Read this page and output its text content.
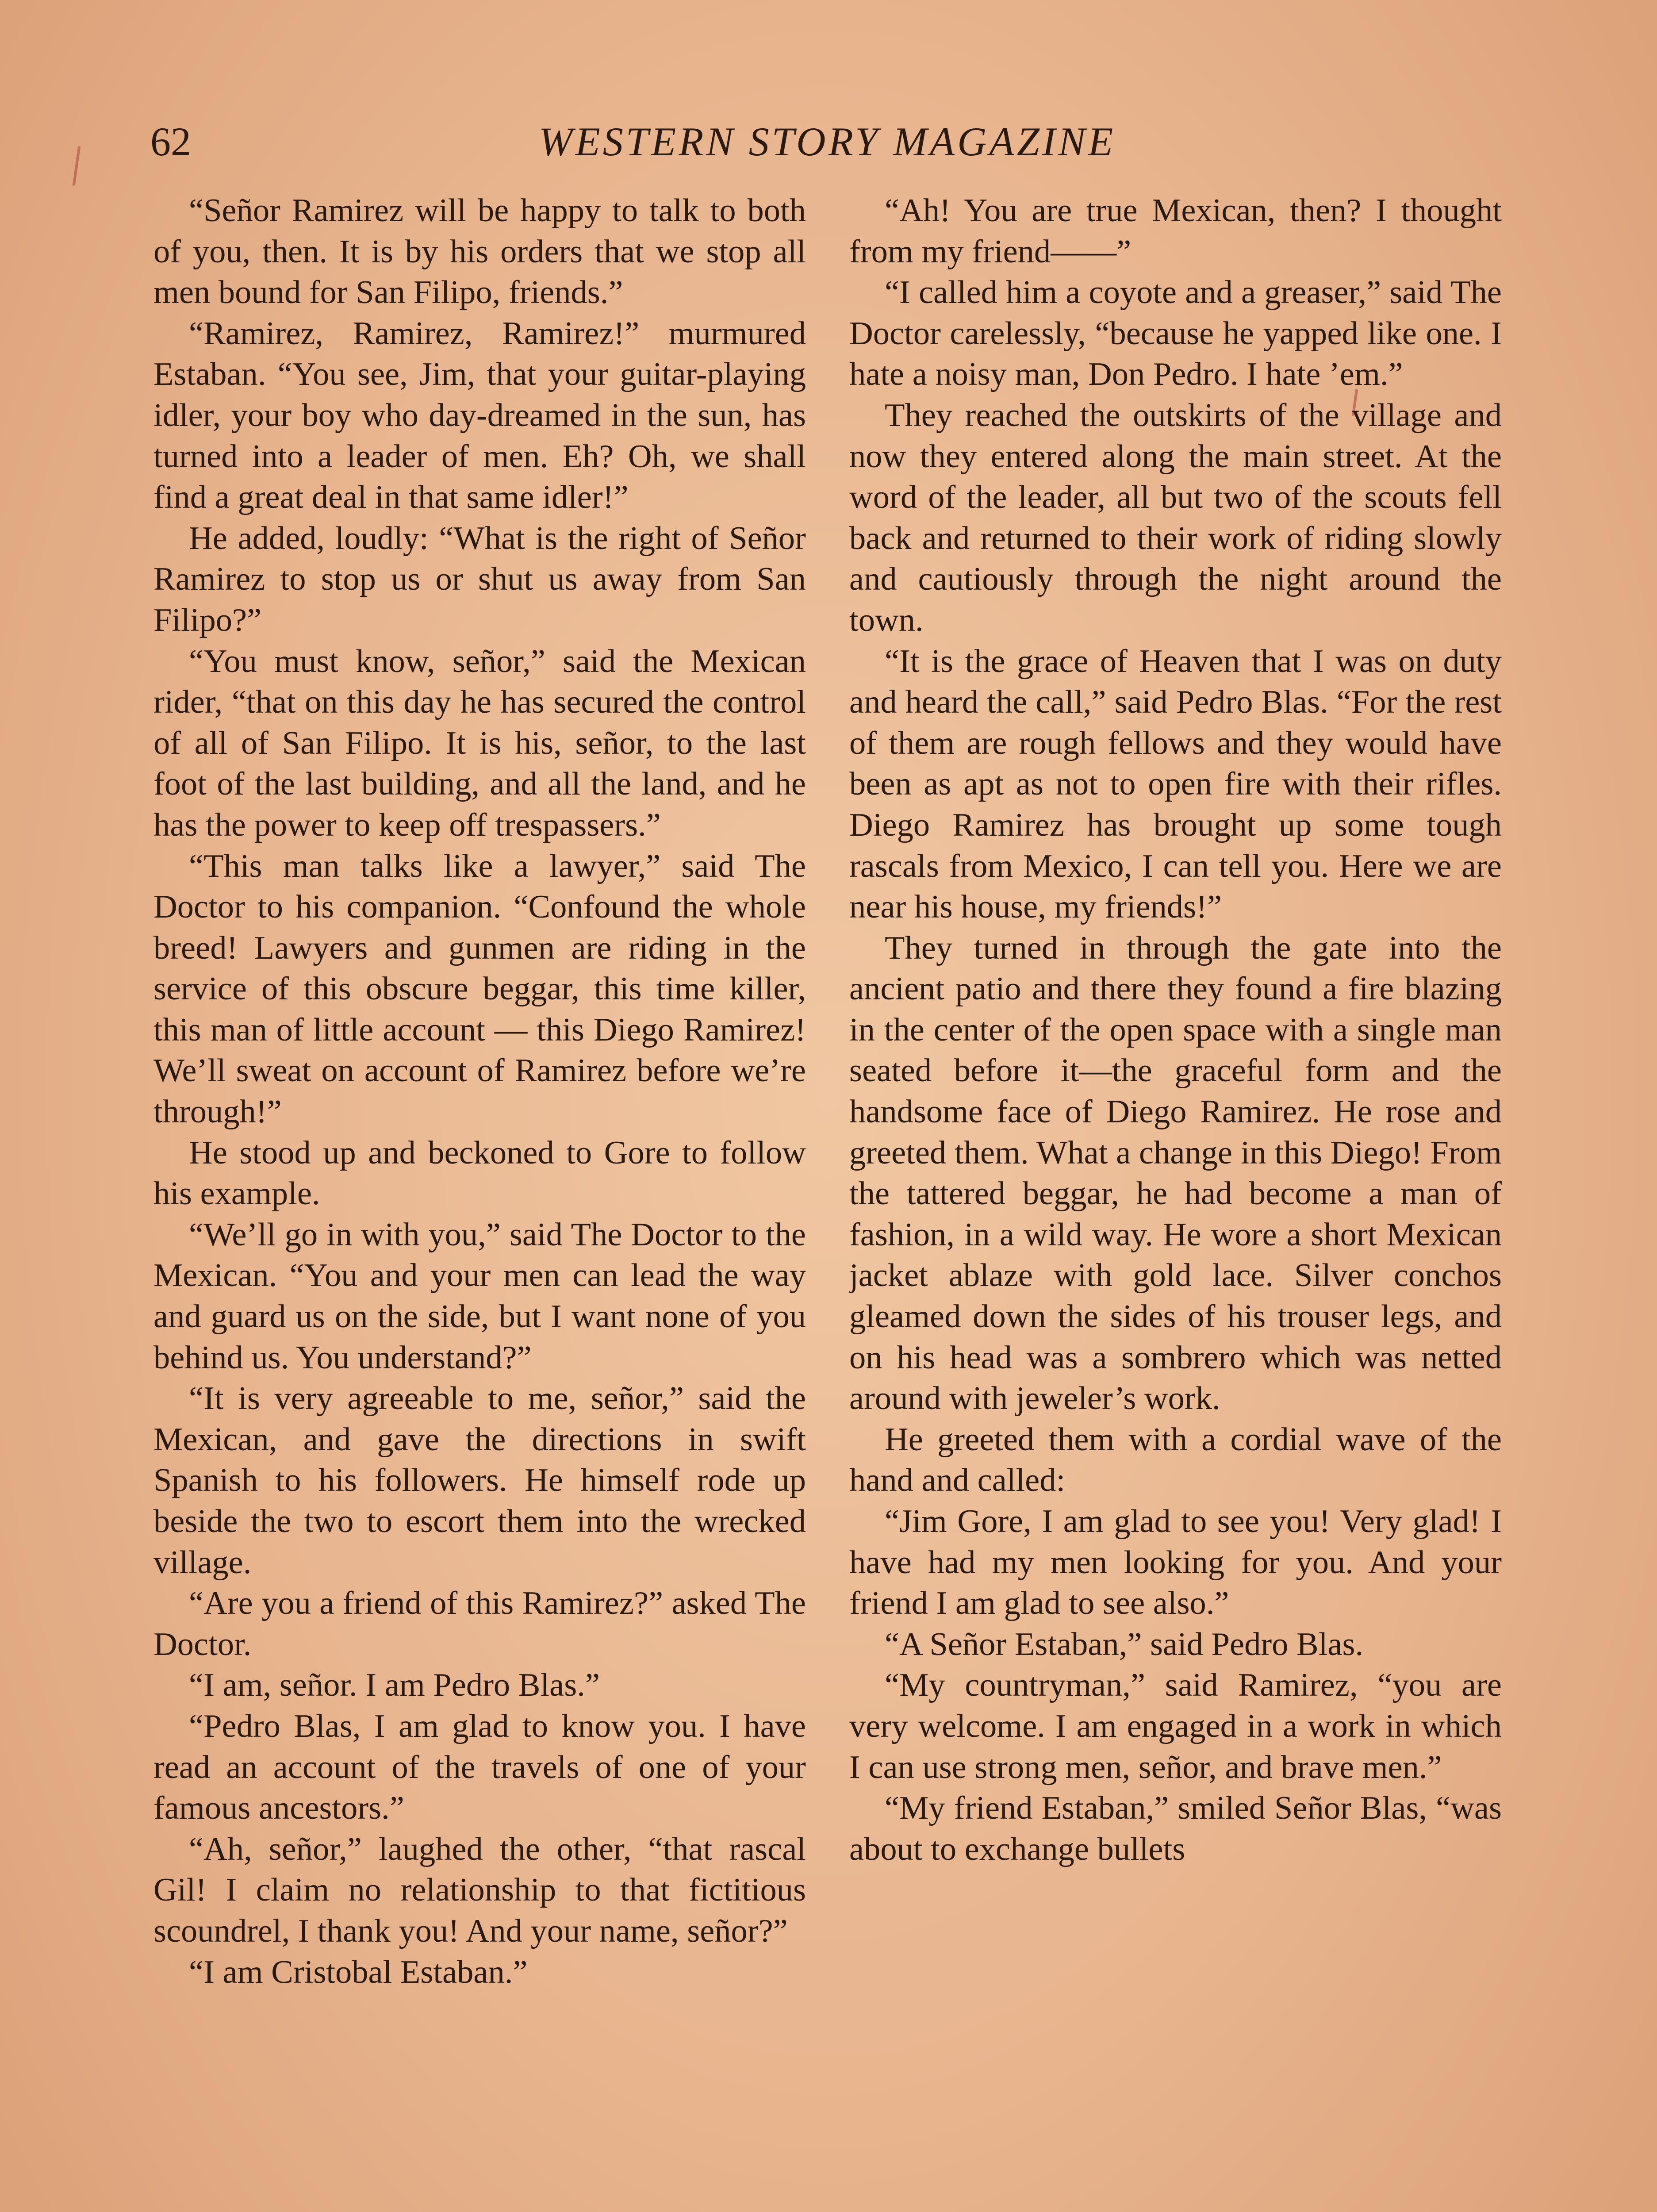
62	WESTERN STORY MAGAZINE

“Señor Ramirez will be happy to talk to both of you, then. It is by his orders that we stop all men bound for San Filipo, friends.”

“Ramirez, Ramirez, Ramirez!” murmured Estaban. “You see, Jim, that your guitar-playing idler, your boy who day-dreamed in the sun, has turned into a leader of men. Eh? Oh, we shall find a great deal in that same idler!”

He added, loudly: “What is the right of Señor Ramirez to stop us or shut us away from San Filipo?”

“You must know, señor,” said the Mexican rider, “that on this day he has secured the control of all of San Filipo. It is his, señor, to the last foot of the last building, and all the land, and he has the power to keep off trespassers.”

“This man talks like a lawyer,” said The Doctor to his companion. “Confound the whole breed! Lawyers and gunmen are riding in the service of this obscure beggar, this time killer, this man of little account — this Diego Ramirez! We’ll sweat on account of Ramirez before we’re through!”

He stood up and beckoned to Gore to follow his example.

“We’ll go in with you,” said The Doctor to the Mexican. “You and your men can lead the way and guard us on the side, but I want none of you behind us. You understand?”

“It is very agreeable to me, señor,” said the Mexican, and gave the directions in swift Spanish to his followers. He himself rode up beside the two to escort them into the wrecked village.

“Are you a friend of this Ramirez?” asked The Doctor.

“I am, señor. I am Pedro Blas.”

“Pedro Blas, I am glad to know you. I have read an account of the travels of one of your famous ancestors.”

“Ah, señor,” laughed the other, “that rascal Gil! I claim no relationship to that fictitious scoundrel, I thank you! And your name, señor?”

“I am Cristobal Estaban.”

“Ah! You are true Mexican, then? I thought from my friend——”

“I called him a coyote and a greaser,” said The Doctor carelessly, “because he yapped like one. I hate a noisy man, Don Pedro. I hate ’em.”

They reached the outskirts of the village and now they entered along the main street. At the word of the leader, all but two of the scouts fell back and returned to their work of riding slowly and cautiously through the night around the town.

“It is the grace of Heaven that I was on duty and heard the call,” said Pedro Blas. “For the rest of them are rough fellows and they would have been as apt as not to open fire with their rifles. Diego Ramirez has brought up some tough rascals from Mexico, I can tell you. Here we are near his house, my friends!”

They turned in through the gate into the ancient patio and there they found a fire blazing in the center of the open space with a single man seated before it—the graceful form and the handsome face of Diego Ramirez. He rose and greeted them. What a change in this Diego! From the tattered beggar, he had become a man of fashion, in a wild way. He wore a short Mexican jacket ablaze with gold lace. Silver conchos gleamed down the sides of his trouser legs, and on his head was a sombrero which was netted around with jeweler’s work.

He greeted them with a cordial wave of the hand and called:

“Jim Gore, I am glad to see you! Very glad! I have had my men looking for you. And your friend I am glad to see also.”

“A Señor Estaban,” said Pedro Blas.

“My countryman,” said Ramirez, “you are very welcome. I am engaged in a work in which I can use strong men, señor, and brave men.”

“My friend Estaban,” smiled Señor Blas, “was about to exchange bullets
